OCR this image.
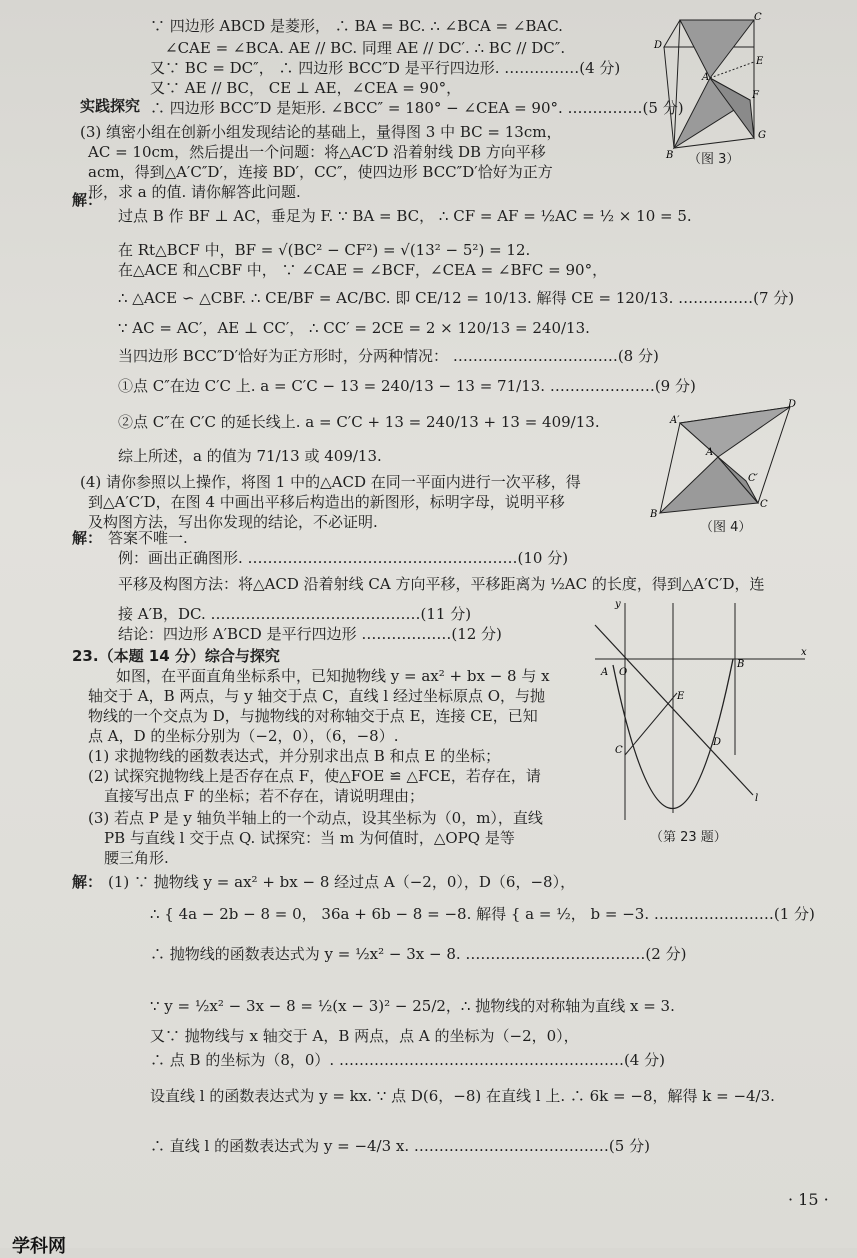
∵ 四边形 ABCD 是菱形， ∴ BA = BC. ∴ ∠BCA = ∠BAC.
∠CAE = ∠BCA. AE // BC. 同理 AE // DC′. ∴ BC // DC″.
又∵ BC = DC″， ∴ 四边形 BCC″D 是平行四边形. ……………(4 分)
又∵ AE // BC， CE ⊥ AE，∠CEA = 90°，
∴ 四边形 BCC″D 是矩形. ∠BCC″ = 180° − ∠CEA = 90°. ……………(5 分)
实践探究
(3) 缜密小组在创新小组发现结论的基础上，量得图 3 中 BC = 13cm，
AC = 10cm，然后提出一个问题：将△AC′D 沿着射线 DB 方向平移
acm，得到△A′C″D′，连接 BD′，CC″，使四边形 BCC″D′恰好为正方
形，求 a 的值. 请你解答此问题.
解：
过点 B 作 BF ⊥ AC，垂足为 F. ∵ BA = BC， ∴ CF = AF = ½AC = ½ × 10 = 5.
在 Rt△BCF 中，BF = √(BC² − CF²) = √(13² − 5²) = 12.
在△ACE 和△CBF 中， ∵ ∠CAE = ∠BCF，∠CEA = ∠BFC = 90°，
∴ △ACE ∽ △CBF. ∴ CE/BF = AC/BC. 即 CE/12 = 10/13. 解得 CE = 120/13. ……………(7 分)
∵ AC = AC′，AE ⊥ CC′， ∴ CC′ = 2CE = 2 × 120/13 = 240/13.
当四边形 BCC″D′恰好为正方形时，分两种情况： ……………………………(8 分)
①点 C″在边 C′C 上. a = C′C − 13 = 240/13 − 13 = 71/13. …………………(9 分)
②点 C″在 C′C 的延长线上. a = C′C + 13 = 240/13 + 13 = 409/13.
综上所述，a 的值为 71/13 或 409/13.
(4) 请你参照以上操作，将图 1 中的△ACD 在同一平面内进行一次平移，得
到△A′C′D，在图 4 中画出平移后构造出的新图形，标明字母，说明平移
及构图方法，写出你发现的结论，不必证明.
解： 答案不唯一.
例：画出正确图形. ………………………………………………(10 分)
平移及构图方法：将△ACD 沿着射线 CA 方向平移，平移距离为 ½AC 的长度，得到△A′C′D，连
接 A′B，DC. ……………………………………(11 分)
结论：四边形 A′BCD 是平行四边形 ………………(12 分)
23.（本题 14 分）综合与探究
如图，在平面直角坐标系中，已知抛物线 y = ax² + bx − 8 与 x
轴交于 A，B 两点，与 y 轴交于点 C，直线 l 经过坐标原点 O，与抛
物线的一个交点为 D，与抛物线的对称轴交于点 E，连接 CE，已知
点 A，D 的坐标分别为（−2，0），（6，−8）.
(1) 求抛物线的函数表达式，并分别求出点 B 和点 E 的坐标；
(2) 试探究抛物线上是否存在点 F，使△FOE ≌ △FCE，若存在，请
直接写出点 F 的坐标；若不存在，请说明理由；
(3) 若点 P 是 y 轴负半轴上的一个动点，设其坐标为（0，m），直线
PB 与直线 l 交于点 Q. 试探究：当 m 为何值时，△OPQ 是等
腰三角形.
解： (1) ∵ 抛物线 y = ax² + bx − 8 经过点 A（−2，0），D（6，−8），
∴ { 4a − 2b − 8 = 0， 36a + 6b − 8 = −8. 解得 { a = ½， b = −3. ……………………(1 分)
∴ 抛物线的函数表达式为 y = ½x² − 3x − 8. ………………………………(2 分)
∵ y = ½x² − 3x − 8 = ½(x − 3)² − 25/2，∴ 抛物线的对称轴为直线 x = 3.
又∵ 抛物线与 x 轴交于 A，B 两点，点 A 的坐标为（−2，0），
∴ 点 B 的坐标为（8，0）. …………………………………………………(4 分)
设直线 l 的函数表达式为 y = kx. ∵ 点 D(6，−8) 在直线 l 上. ∴ 6k = −8，解得 k = −4/3.
∴ 直线 l 的函数表达式为 y = −4/3 x. …………………………………(5 分)
D
C
E
A
F
B
G
（图 3）
D
A′
A
C′
B
C
（图 4）
y
x
A O
B
E
C
D
l
（第 23 题）
· 15 ·
学科网
